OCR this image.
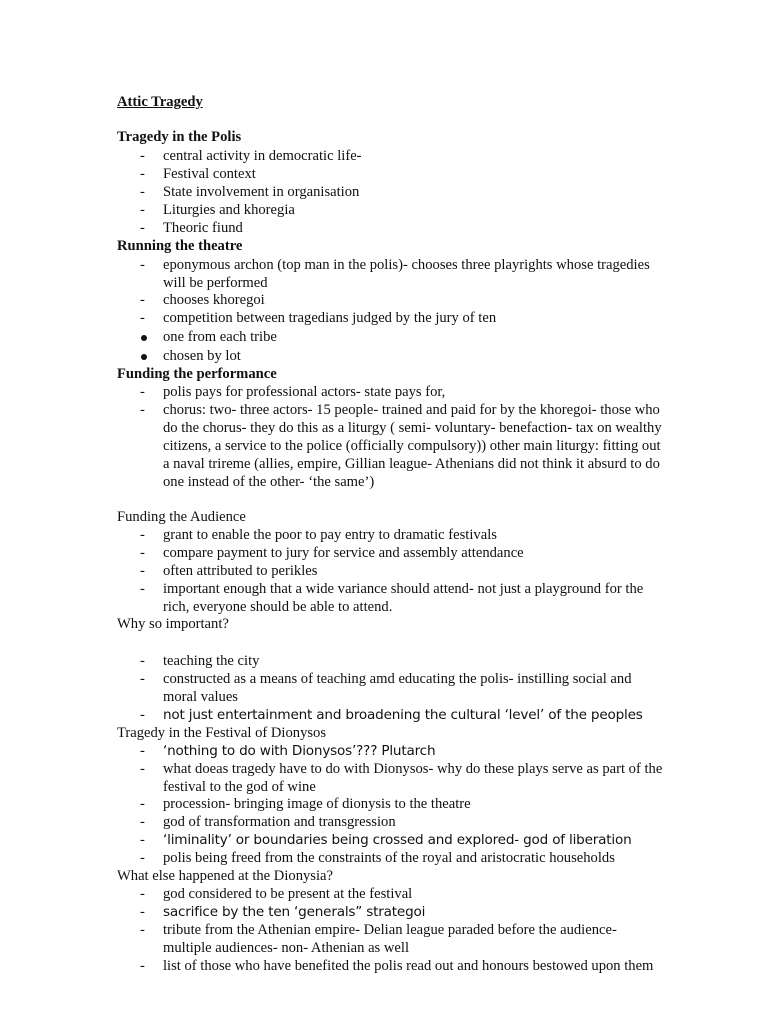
Attic Tragedy
Tragedy in the Polis
-	central activity in democratic life-
-	Festival context
-	State involvement in organisation
-	Liturgies and khoregia
-	Theoric fiund
Running the theatre
-	eponymous archon (top man in the polis)- chooses three playrights whose tragedies will be performed
-	chooses khoregoi
-	competition between tragedians judged by the jury of ten
one from each tribe
chosen by lot
Funding the performance
-	polis pays for professional actors- state pays for,
-	chorus: two- three actors- 15 people- trained and paid for by the khoregoi- those who do the chorus- they do this as a liturgy ( semi- voluntary- benefaction- tax on wealthy citizens, a service to the police (officially compulsory)) other main liturgy: fitting out a naval trireme (allies, empire, Gillian league- Athenians did not think it absurd to do one instead of the other- ‘the same’)
Funding the Audience
-	grant to enable the poor to pay entry to dramatic festivals
-	compare payment to jury for service and assembly attendance
-	often attributed to perikles
-	important enough that a wide variance should attend- not just a playground for the rich, everyone should be able to attend.
Why so important?
-	teaching the city
-	constructed as a means of teaching amd educating the polis- instilling social and moral values
-	not just entertainment and broadening the cultural ‘level’ of the peoples
Tragedy in the Festival of Dionysos
-	‘nothing to do with Dionysos’??? Plutarch
-	what doeas tragedy have to do with Dionysos- why do these plays serve as part of the festival to the god of wine
-	procession- bringing image of dionysis to the theatre
-	god of transformation and transgression
-	‘liminality’ or boundaries being crossed and explored- god of liberation
-	polis being freed from the constraints of the royal and aristocratic households
What else happened at the Dionysia?
-	god considered to be present at the festival
-	sacrifice by the ten ‘generals” strategoi
-	tribute from the Athenian empire- Delian league paraded before the audience- multiple audiences- non- Athenian as well
-	list of those who have benefited the polis read out and honours bestowed upon them
